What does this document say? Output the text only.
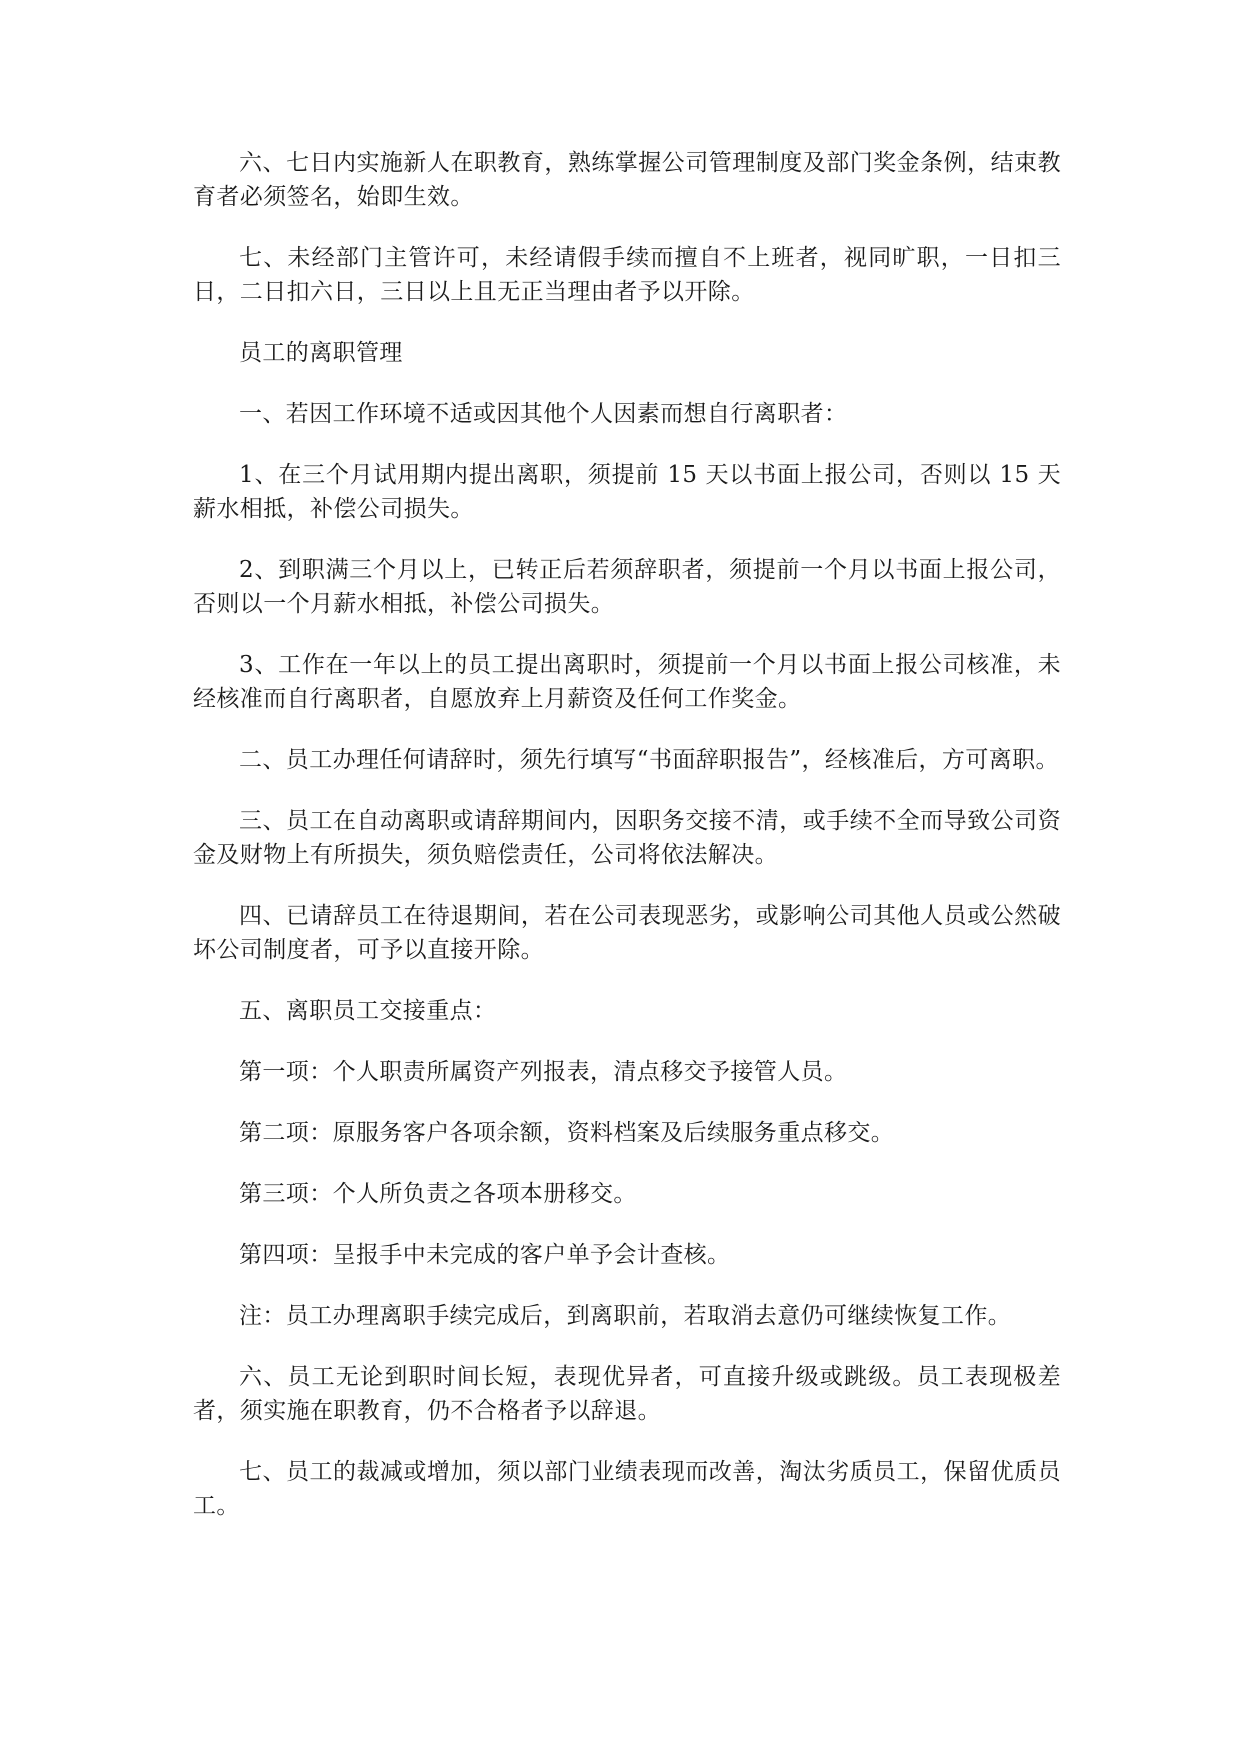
六、七日内实施新人在职教育，熟练掌握公司管理制度及部门奖金条例，结束教育者必须签名，始即生效。

七、未经部门主管许可，未经请假手续而擅自不上班者，视同旷职，一日扣三日，二日扣六日，三日以上且无正当理由者予以开除。

员工的离职管理

一、若因工作环境不适或因其他个人因素而想自行离职者：

1、在三个月试用期内提出离职，须提前 15 天以书面上报公司，否则以 15 天薪水相抵，补偿公司损失。

2、到职满三个月以上，已转正后若须辞职者，须提前一个月以书面上报公司，否则以一个月薪水相抵，补偿公司损失。

3、工作在一年以上的员工提出离职时，须提前一个月以书面上报公司核准，未经核准而自行离职者，自愿放弃上月薪资及任何工作奖金。

二、员工办理任何请辞时，须先行填写“书面辞职报告”，经核准后，方可离职。

三、员工在自动离职或请辞期间内，因职务交接不清，或手续不全而导致公司资金及财物上有所损失，须负赔偿责任，公司将依法解决。

四、已请辞员工在待退期间，若在公司表现恶劣，或影响公司其他人员或公然破坏公司制度者，可予以直接开除。

五、离职员工交接重点：

第一项：个人职责所属资产列报表，清点移交予接管人员。

第二项：原服务客户各项余额，资料档案及后续服务重点移交。

第三项：个人所负责之各项本册移交。

第四项：呈报手中未完成的客户单予会计查核。

注：员工办理离职手续完成后，到离职前，若取消去意仍可继续恢复工作。

六、员工无论到职时间长短，表现优异者，可直接升级或跳级。员工表现极差者，须实施在职教育，仍不合格者予以辞退。

七、员工的裁减或增加，须以部门业绩表现而改善，淘汰劣质员工，保留优质员工。
